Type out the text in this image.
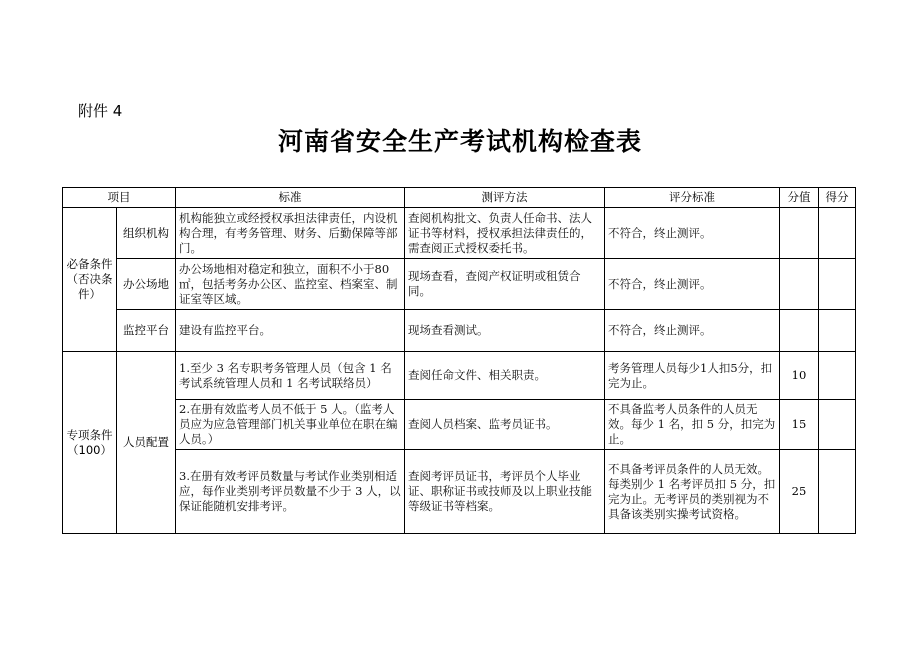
附件 4
河南省安全生产考试机构检查表
项目		标准	测评方法	评分标准	分值	得分
必备条件（否决条件）	组织机构	机构能独立或经授权承担法律责任，内设机构合理，有考务管理、财务、后勤保障等部门。	查阅机构批文、负责人任命书、法人证书等材料，授权承担法律责任的，需查阅正式授权委托书。	不符合，终止测评。		
	办公场地	办公场地相对稳定和独立，面积不小于80㎡，包括考务办公区、监控室、档案室、制证室等区域。	现场查看，查阅产权证明或租赁合同。	不符合，终止测评。		
	监控平台	建设有监控平台。	现场查看测试。	不符合，终止测评。		
专项条件（100）	人员配置	1.至少 3 名专职考务管理人员（包含 1 名考试系统管理人员和 1 名考试联络员）	查阅任命文件、相关职责。	考务管理人员每少1人扣5分，扣完为止。	10	
		2.在册有效监考人员不低于 5 人。（监考人员应为应急管理部门机关事业单位在职在编人员。）	查阅人员档案、监考员证书。	不具备监考人员条件的人员无效。每少 1 名，扣 5 分，扣完为止。	15	
		3.在册有效考评员数量与考试作业类别相适应，每作业类别考评员数量不少于 3 人，以保证能随机安排考评。	查阅考评员证书，考评员个人毕业证、职称证书或技师及以上职业技能等级证书等档案。	不具备考评员条件的人员无效。每类别少 1 名考评员扣 5 分，扣完为止。无考评员的类别视为不具备该类别实操考试资格。	25	
